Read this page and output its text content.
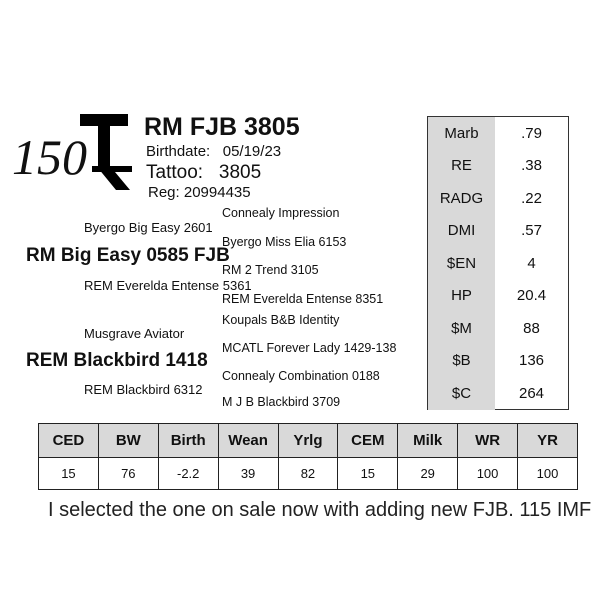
150
RM FJB 3805
Birthdate: 05/19/23
Tattoo: 3805
Reg: 20994435
Connealy Impression
Byergo Big Easy 2601
Byergo Miss Elia 6153
RM Big Easy 0585 FJB
RM 2 Trend 3105
REM Everelda Entense 5361
REM Everelda Entense 8351
Koupals B&B Identity
Musgrave Aviator
MCATL Forever Lady 1429-138
REM Blackbird 1418
Connealy Combination 0188
REM Blackbird 6312
M J B Blackbird 3709
Marb	.79
RE	.38
RADG	.22
DMI	.57
$EN	4
HP	20.4
$M	88
$B	136
$C	264
CED	BW	Birth	Wean	Yrlg	CEM	Milk	WR	YR
15	76	-2.2	39	82	15	29	100	100
I selected the one on sale now with adding new FJB. 115 IMF
